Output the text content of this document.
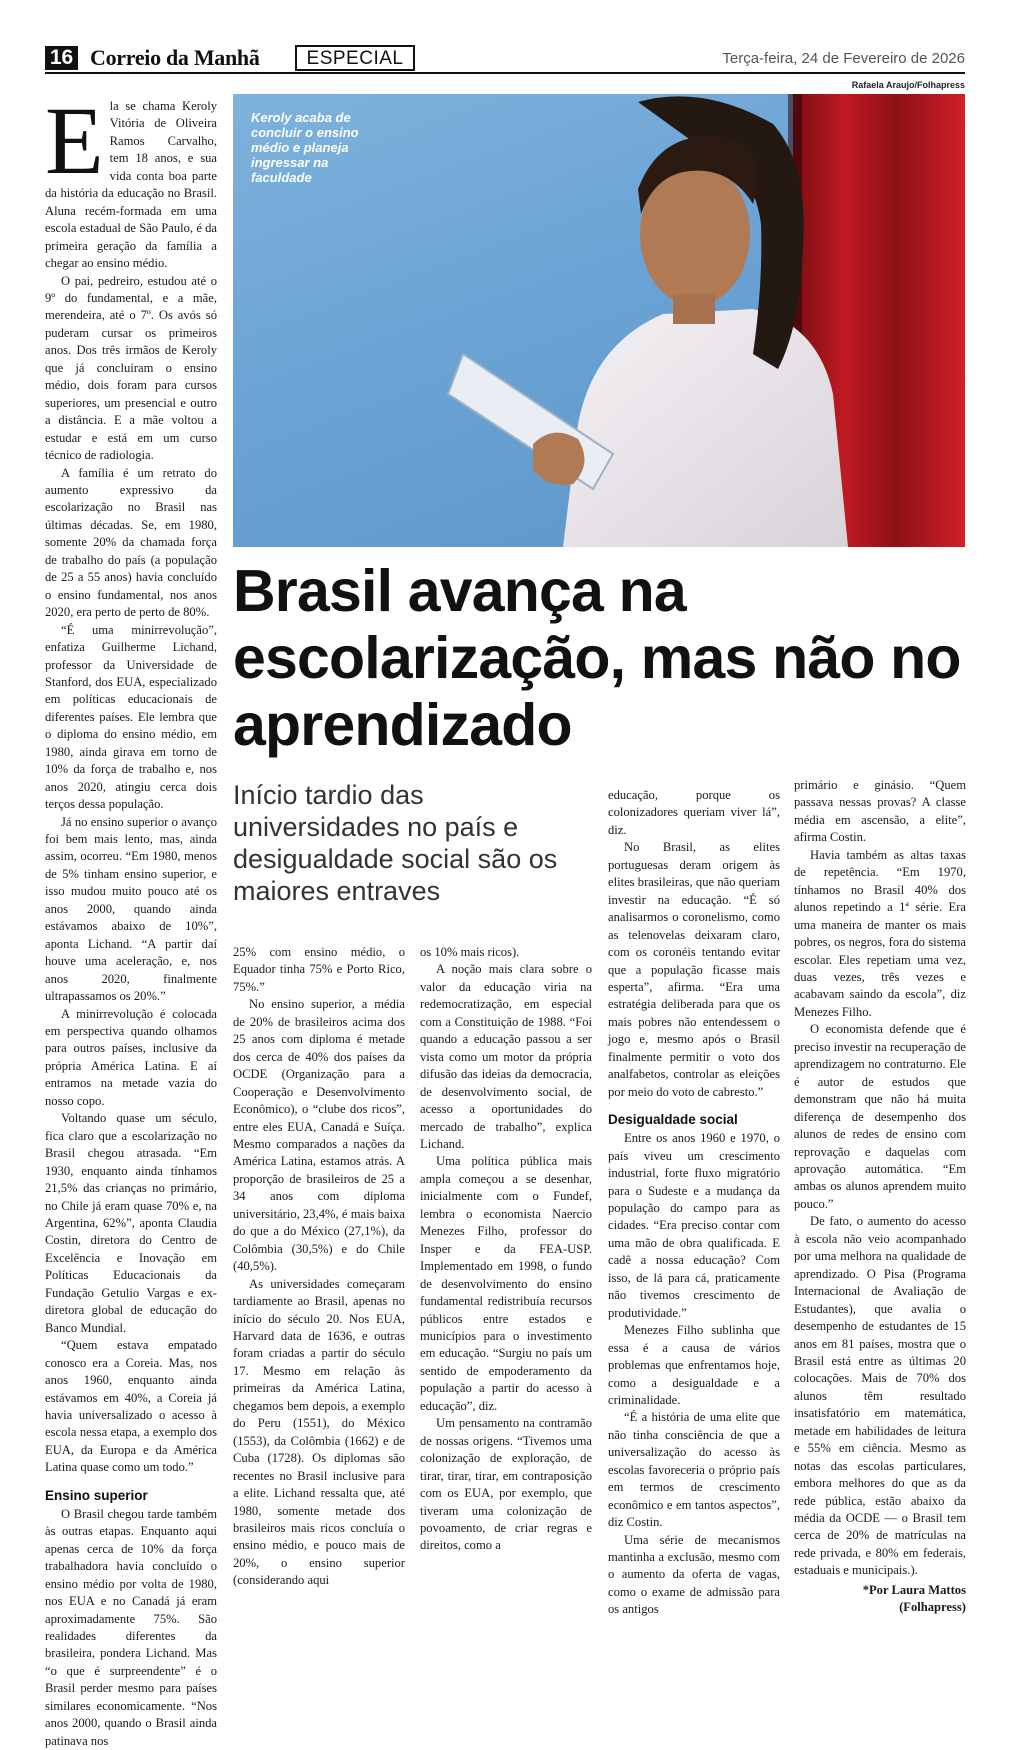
16 Correio da Manhã	ESPECIAL	Terça-feira, 24 de Fevereiro de 2026
Rafaela Araujo/Folhapress
Keroly acaba de concluir o ensino médio e planeja ingressar na faculdade
Brasil avança na escolarização, mas não no aprendizado
Início tardio das universidades no país e desigualdade social são os maiores entraves

Ela se chama Keroly Vitória de Oliveira Ramos Carvalho, tem 18 anos, e sua vida conta boa parte da história da educação no Brasil. Aluna recém-formada em uma escola estadual de São Paulo, é da primeira geração da família a chegar ao ensino médio.

O pai, pedreiro, estudou até o 9º do fundamental, e a mãe, merendeira, até o 7º. Os avós só puderam cursar os primeiros anos. Dos três irmãos de Keroly que já concluíram o ensino médio, dois foram para cursos superiores, um presencial e outro a distância. E a mãe voltou a estudar e está em um curso técnico de radiologia.

A família é um retrato do aumento expressivo da escolarização no Brasil nas últimas décadas. Se, em 1980, somente 20% da chamada força de trabalho do país (a população de 25 a 55 anos) havia concluído o ensino fundamental, nos anos 2020, era perto de perto de 80%.

“É uma minirrevolução”, enfatiza Guilherme Lichand, professor da Universidade de Stanford, dos EUA, especializado em políticas educacionais de diferentes países. Ele lembra que o diploma do ensino médio, em 1980, ainda girava em torno de 10% da força de trabalho e, nos anos 2020, atingiu cerca dois terços dessa população.

Já no ensino superior o avanço foi bem mais lento, mas, ainda assim, ocorreu. “Em 1980, menos de 5% tinham ensino superior, e isso mudou muito pouco até os anos 2000, quando ainda estávamos abaixo de 10%”, aponta Lichand. “A partir daí houve uma aceleração, e, nos anos 2020, finalmente ultrapassamos os 20%.”

A minirrevolução é colocada em perspectiva quando olhamos para outros países, inclusive da própria América Latina. E aí entramos na metade vazia do nosso copo.

Voltando quase um século, fica claro que a escolarização no Brasil chegou atrasada. “Em 1930, enquanto ainda tínhamos 21,5% das crianças no primário, no Chile já eram quase 70% e, na Argentina, 62%”, aponta Claudia Costin, diretora do Centro de Excelência e Inovação em Políticas Educacionais da Fundação Getulio Vargas e ex-diretora global de educação do Banco Mundial.

“Quem estava empatado conosco era a Coreia. Mas, nos anos 1960, enquanto ainda estávamos em 40%, a Coreia já havia universalizado o acesso à escola nessa etapa, a exemplo dos EUA, da Europa e da América Latina quase como um todo.”

Ensino superior

O Brasil chegou tarde também às outras etapas. Enquanto aqui apenas cerca de 10% da força trabalhadora havia concluído o ensino médio por volta de 1980, nos EUA e no Canadá já eram aproximadamente 75%. São realidades diferentes da brasileira, pondera Lichand. Mas “o que é surpreendente” é o Brasil perder mesmo para países similares economicamente. “Nos anos 2000, quando o Brasil ainda patinava nos

25% com ensino médio, o Equador tinha 75% e Porto Rico, 75%.”

No ensino superior, a média de 20% de brasileiros acima dos 25 anos com diploma é metade dos cerca de 40% dos países da OCDE (Organização para a Cooperação e Desenvolvimento Econômico), o “clube dos ricos”, entre eles EUA, Canadá e Suíça. Mesmo comparados a nações da América Latina, estamos atrás. A proporção de brasileiros de 25 a 34 anos com diploma universitário, 23,4%, é mais baixa do que a do México (27,1%), da Colômbia (30,5%) e do Chile (40,5%).

As universidades começaram tardiamente ao Brasil, apenas no início do século 20. Nos EUA, Harvard data de 1636, e outras foram criadas a partir do século 17. Mesmo em relação às primeiras da América Latina, chegamos bem depois, a exemplo do Peru (1551), do México (1553), da Colômbia (1662) e de Cuba (1728). Os diplomas são recentes no Brasil inclusive para a elite. Lichand ressalta que, até 1980, somente metade dos brasileiros mais ricos concluía o ensino médio, e pouco mais de 20%, o ensino superior (considerando aqui

os 10% mais ricos).

A noção mais clara sobre o valor da educação viria na redemocratização, em especial com a Constituição de 1988. “Foi quando a educação passou a ser vista como um motor da própria difusão das ideias da democracia, de desenvolvimento social, de acesso a oportunidades do mercado de trabalho”, explica Lichand.

Uma política pública mais ampla começou a se desenhar, inicialmente com o Fundef, lembra o economista Naercio Menezes Filho, professor do Insper e da FEA-USP. Implementado em 1998, o fundo de desenvolvimento do ensino fundamental redistribuía recursos públicos entre estados e municípios para o investimento em educação. “Surgiu no país um sentido de empoderamento da população a partir do acesso à educação”, diz.

Um pensamento na contramão de nossas origens. “Tivemos uma colonização de exploração, de tirar, tirar, tirar, em contraposição com os EUA, por exemplo, que tiveram uma colonização de povoamento, de criar regras e direitos, como a

educação, porque os colonizadores queriam viver lá”, diz.

No Brasil, as elites portuguesas deram origem às elites brasileiras, que não queriam investir na educação. “É só analisarmos o coronelismo, como as telenovelas deixaram claro, com os coronéis tentando evitar que a população ficasse mais esperta”, afirma. “Era uma estratégia deliberada para que os mais pobres não entendessem o jogo e, mesmo após o Brasil finalmente permitir o voto dos analfabetos, controlar as eleições por meio do voto de cabresto.”

Desigualdade social

Entre os anos 1960 e 1970, o país viveu um crescimento industrial, forte fluxo migratório para o Sudeste e a mudança da população do campo para as cidades. “Era preciso contar com uma mão de obra qualificada. E cadê a nossa educação? Com isso, de lá para cá, praticamente não tivemos crescimento de produtividade.”

Menezes Filho sublinha que essa é a causa de vários problemas que enfrentamos hoje, como a desigualdade e a criminalidade.

“É a história de uma elite que não tinha consciência de que a universalização do acesso às escolas favoreceria o próprio país em termos de crescimento econômico e em tantos aspectos”, diz Costin.

Uma série de mecanismos mantinha a exclusão, mesmo com o aumento da oferta de vagas, como o exame de admissão para os antigos

primário e ginásio. “Quem passava nessas provas? A classe média em ascensão, a elite”, afirma Costin.

Havia também as altas taxas de repetência. “Em 1970, tínhamos no Brasil 40% dos alunos repetindo a 1ª série. Era uma maneira de manter os mais pobres, os negros, fora do sistema escolar. Eles repetiam uma vez, duas vezes, três vezes e acabavam saindo da escola”, diz Menezes Filho.

O economista defende que é preciso investir na recuperação de aprendizagem no contraturno. Ele é autor de estudos que demonstram que não há muita diferença de desempenho dos alunos de redes de ensino com reprovação e daquelas com aprovação automática. “Em ambas os alunos aprendem muito pouco.”

De fato, o aumento do acesso à escola não veio acompanhado por uma melhora na qualidade de aprendizado. O Pisa (Programa Internacional de Avaliação de Estudantes), que avalia o desempenho de estudantes de 15 anos em 81 países, mostra que o Brasil está entre as últimas 20 colocações. Mais de 70% dos alunos têm resultado insatisfatório em matemática, metade em habilidades de leitura e 55% em ciência. Mesmo as notas das escolas particulares, embora melhores do que as da rede pública, estão abaixo da média da OCDE — o Brasil tem cerca de 20% de matrículas na rede privada, e 80% em federais, estaduais e municipais.).

*Por Laura Mattos

(Folhapress)
